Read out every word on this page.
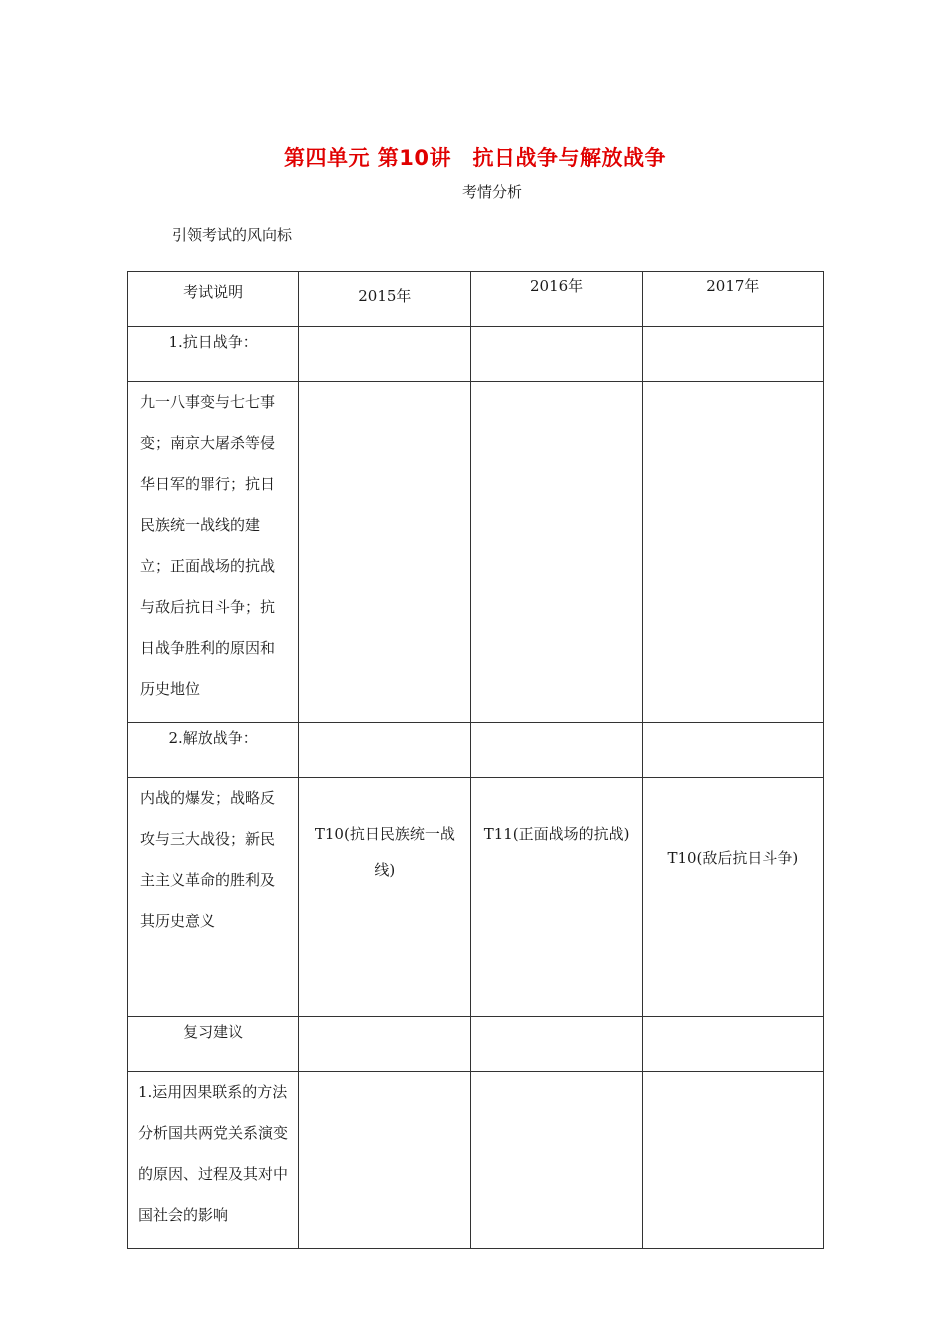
第四单元 第10讲　抗日战争与解放战争
考情分析
引领考试的风向标
考试说明	2015年	2016年	2017年

1.抗日战争：			
九一八事变与七七事变；南京大屠杀等侵华日军的罪行；抗日民族统一战线的建立；正面战场的抗战与敌后抗日斗争；抗日战争胜利的原因和历史地位			
2.解放战争：			
内战的爆发；战略反攻与三大战役；新民主主义革命的胜利及其历史意义	T10(抗日民族统一战线)	T11(正面战场的抗战)	T10(敌后抗日斗争)
复习建议			
1.运用因果联系的方法分析国共两党关系演变的原因、过程及其对中国社会的影响			
